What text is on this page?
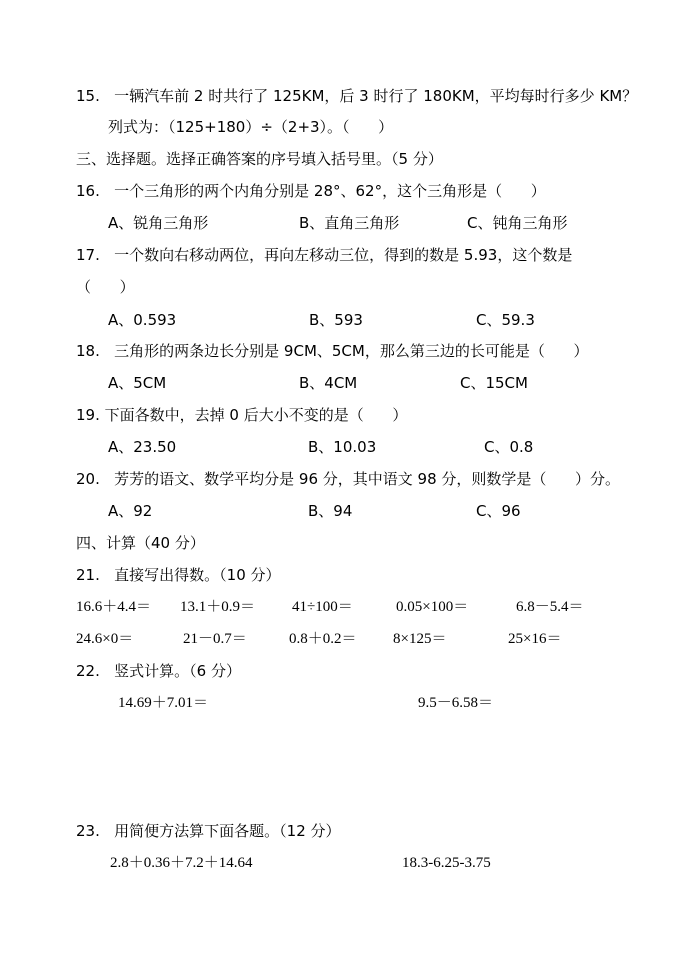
15.   一辆汽车前 2 时共行了 125KM，后 3 时行了 180KM，平均每时行多少 KM？
列式为：（125+180）÷（2+3）。（      ）
三、选择题。选择正确答案的序号填入括号里。（5 分）
16.   一个三角形的两个内角分别是 28°、62°，这个三角形是（      ）
A、锐角三角形	B、直角三角形	C、钝角三角形
17.   一个数向右移动两位，再向左移动三位，得到的数是 5.93，这个数是
（      ）
A、0.593	B、593	C、59.3
18.   三角形的两条边长分别是 9CM、5CM，那么第三边的长可能是（      ）
A、5CM	B、4CM	C、15CM
19. 下面各数中，去掉 0 后大小不变的是（      ）
A、23.50	B、10.03	C、0.8
20.   芳芳的语文、数学平均分是 96 分，其中语文 98 分，则数学是（      ）分。
A、92	B、94	C、96
四、计算（40 分）
21.   直接写出得数。（10 分）
16.6＋4.4＝ 13.1＋0.9＝ 41÷100＝	0.05×100＝	6.8－5.4＝
24.6×0＝	21－0.7＝	0.8＋0.2＝ 8×125＝	25×16＝
22.   竖式计算。（6 分）
14.69＋7.01＝	9.5－6.58＝
23.   用简便方法算下面各题。（12 分）
2.8＋0.36＋7.2＋14.64	18.3-6.25-3.75
